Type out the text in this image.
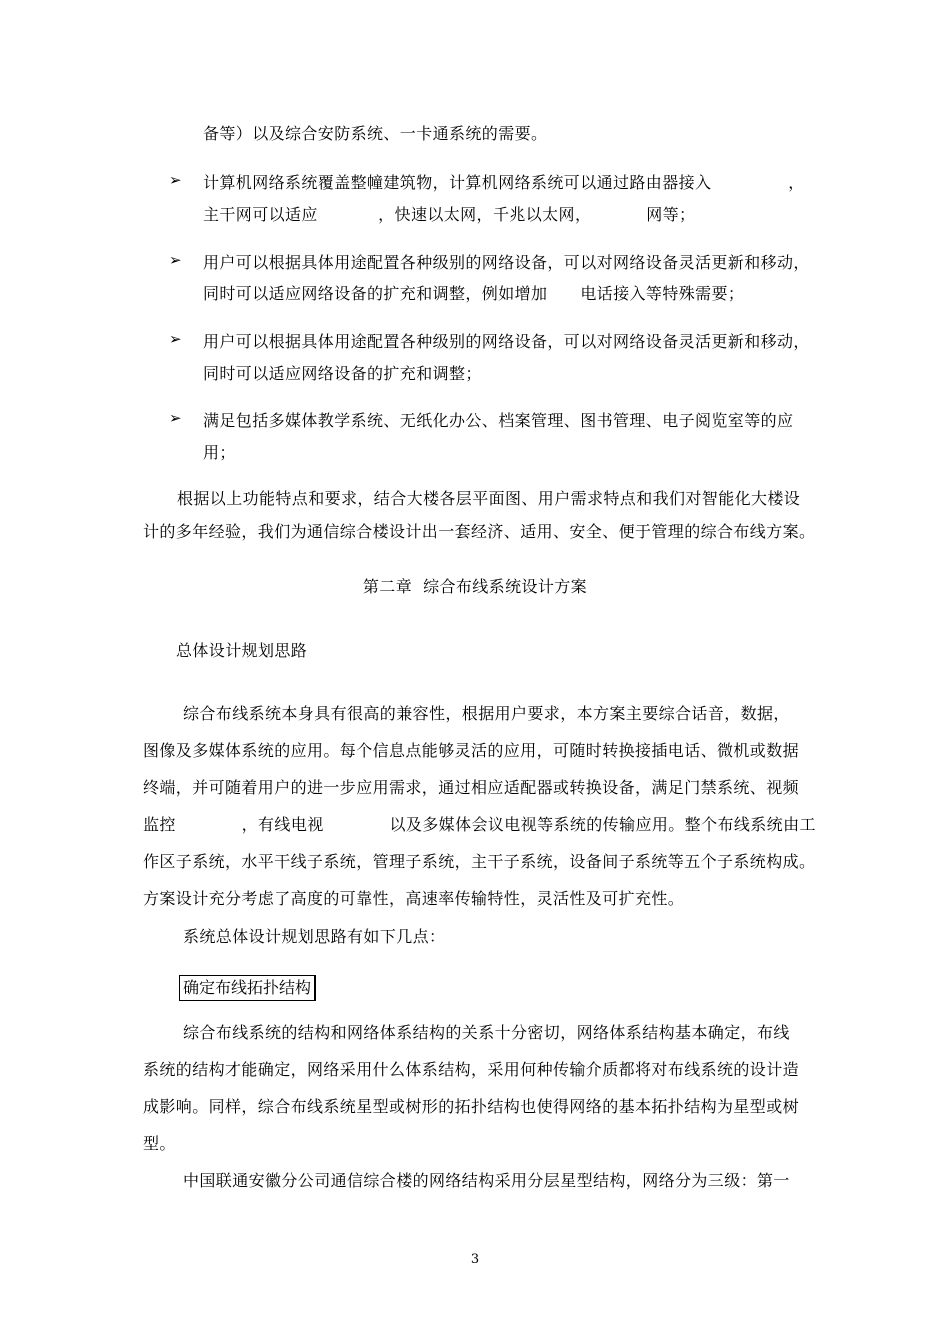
备等）以及综合安防系统、一卡通系统的需要。
➢ 计算机网络系统覆盖整幢建筑物，计算机网络系统可以通过路由器接入              ，
主干网可以适应           ，快速以太网，千兆以太网，          网等；
➢ 用户可以根据具体用途配置各种级别的网络设备，可以对网络设备灵活更新和移动，
同时可以适应网络设备的扩充和调整，例如增加      电话接入等特殊需要；
➢ 用户可以根据具体用途配置各种级别的网络设备，可以对网络设备灵活更新和移动，
同时可以适应网络设备的扩充和调整；
➢ 满足包括多媒体教学系统、无纸化办公、档案管理、图书管理、电子阅览室等的应
用；
根据以上功能特点和要求，结合大楼各层平面图、用户需求特点和我们对智能化大楼设
计的多年经验，我们为通信综合楼设计出一套经济、适用、安全、便于管理的综合布线方案。
第二章  综合布线系统设计方案
总体设计规划思路
综合布线系统本身具有很高的兼容性，根据用户要求，本方案主要综合话音，数据，
图像及多媒体系统的应用。每个信息点能够灵活的应用，可随时转换接插电话、微机或数据
终端，并可随着用户的进一步应用需求，通过相应适配器或转换设备，满足门禁系统、视频
监控            ，有线电视            以及多媒体会议电视等系统的传输应用。整个布线系统由工
作区子系统，水平干线子系统，管理子系统，主干子系统，设备间子系统等五个子系统构成。
方案设计充分考虑了高度的可靠性，高速率传输特性，灵活性及可扩充性。
系统总体设计规划思路有如下几点：
确定布线拓扑结构
综合布线系统的结构和网络体系结构的关系十分密切，网络体系结构基本确定，布线
系统的结构才能确定，网络采用什么体系结构，采用何种传输介质都将对布线系统的设计造
成影响。同样，综合布线系统星型或树形的拓扑结构也使得网络的基本拓扑结构为星型或树
型。
中国联通安徽分公司通信综合楼的网络结构采用分层星型结构，网络分为三级：第一
3
